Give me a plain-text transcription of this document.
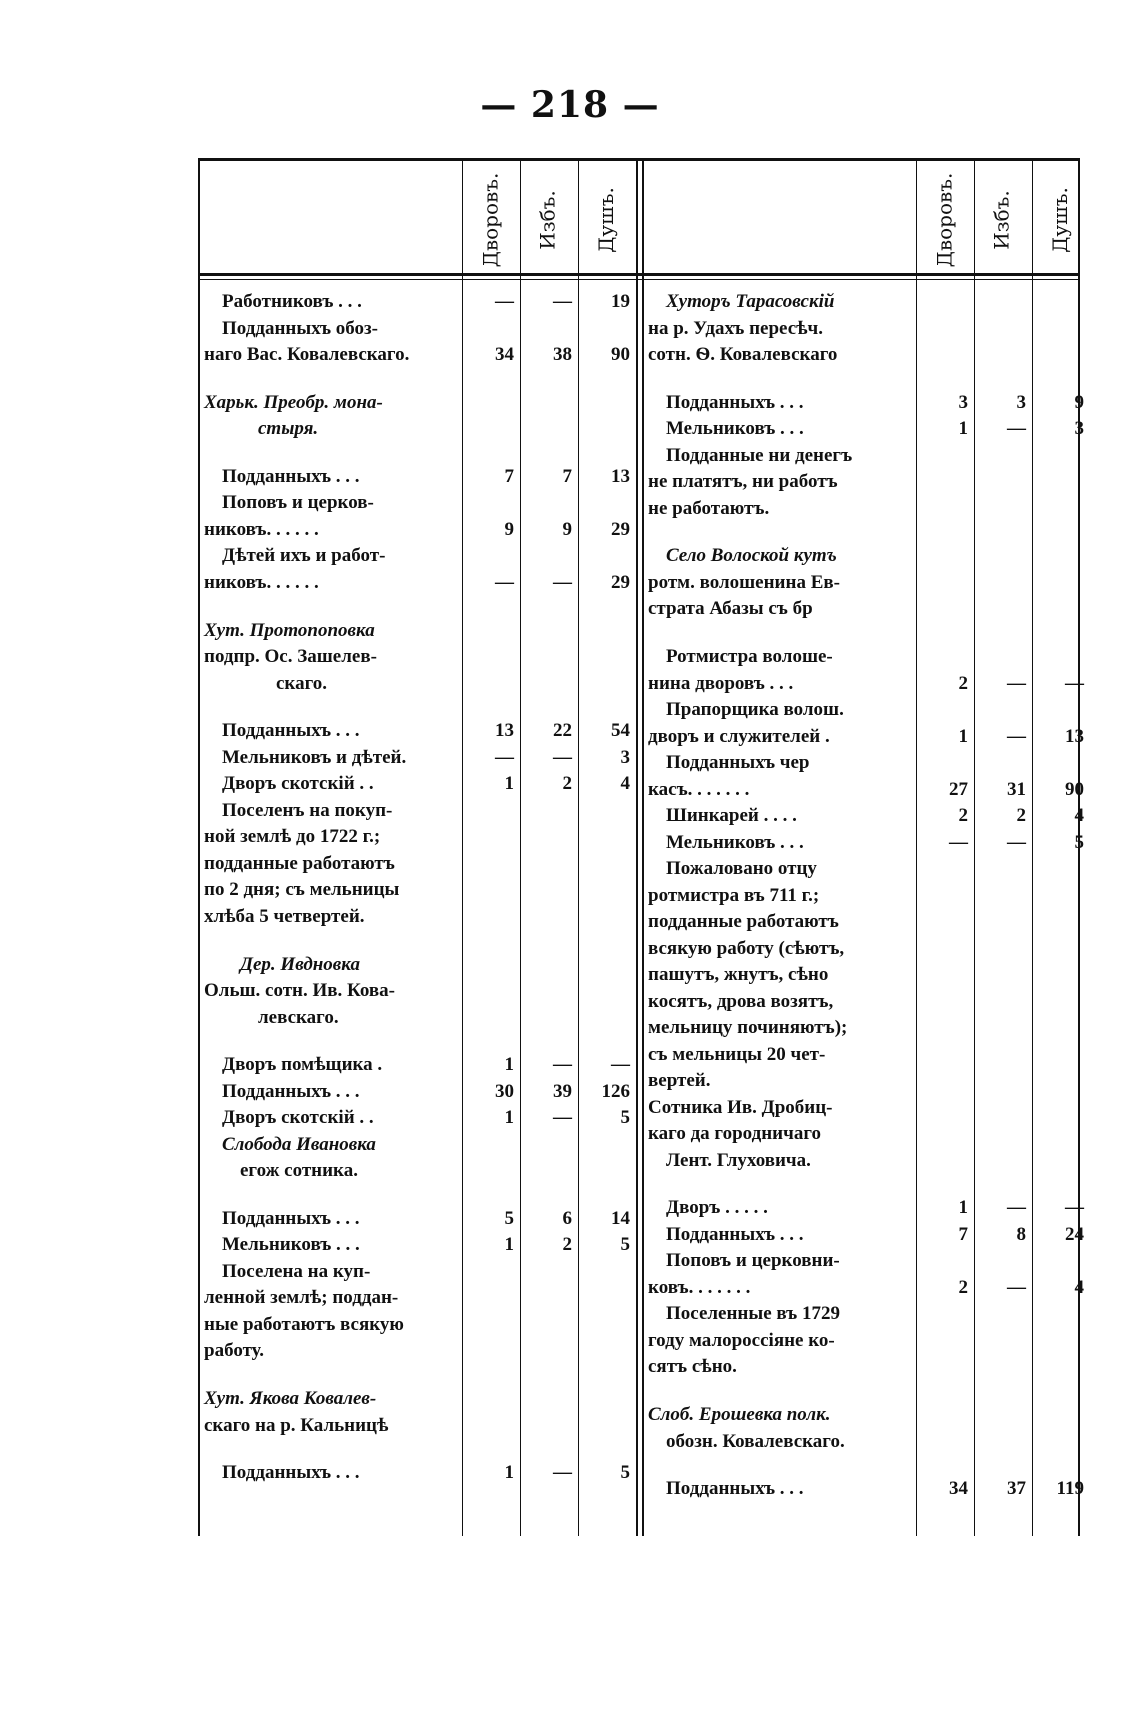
— 218 —
Дворовъ. Избъ. Душъ.	Дворовъ. Избъ. Душъ.
Работниковъ . . .	—	—	19
Подданныхъ обоз-
наго Вас. Ковалевскаго.	34	38	90
Харьк. Преобр. мона-
стыря.
Подданныхъ . . .	7	7	13
Поповъ и церков-
никовъ. . . . . .	9	9	29
Дѣтей ихъ и работ-
никовъ. . . . . .	—	—	29
Хут. Протопоповка
подпр. Ос. Зашелев-
скаго.
Подданныхъ . . .	13	22	54
Мельниковъ и дѣтей.	—	—	3
Дворъ скотскій . .	1	2	4
Поселенъ на покуп-
ной землѣ до 1722 г.;
подданные работаютъ
по 2 дня; съ мельницы
хлѣба 5 четвертей.
Дер. Ивдновка
Ольш. сотн. Ив. Кова-
левскаго.
Дворъ помѣщика .	1	—	—
Подданныхъ . . .	30	39	126
Дворъ скотскій . .	1	—	5
Слобода Ивановка
егож сотника.
Подданныхъ . . .	5	6	14
Мельниковъ . . .	1	2	5
Поселена на куп-
ленной землѣ; поддан-
ные работаютъ всякую
работу.
Хут. Якова Ковалев-
скаго на р. Кальницѣ
Подданныхъ . . .	1	—	5
Хуторъ Тарасовскій
на р. Удахъ пересѣч.
сотн. Ѳ. Ковалевскаго
Подданныхъ . . .	3	3	9
Мельниковъ . . .	1	—	3
Подданные ни денегъ
не платятъ, ни работъ
не работаютъ.
Село Волоской кутъ
ротм. волошенина Ев-
страта Абазы съ бр
Ротмистра волоше-
нина дворовъ . . .	2	—	—
Прапорщика волош.
дворъ и служителей .	1	—	13
Подданныхъ чер
касъ. . . . . . .	27	31	90
Шинкарей . . . .	2	2	4
Мельниковъ . . .	—	—	5
Пожаловано отцу
ротмистра въ 711 г.;
подданные работаютъ
всякую работу (сѣютъ,
пашутъ, жнутъ, сѣно
косятъ, дрова возятъ,
мельницу починяютъ);
съ мельницы 20 чет-
вертей.
Сотника Ив. Дробиц-
каго да городничаго
Лент. Глуховича.
Дворъ . . . . .	1	—	—
Подданныхъ . . .	7	8	24
Поповъ и церковни-
ковъ. . . . . . .	2	—	4
Поселенные въ 1729
году малороссіяне ко-
сятъ сѣно.
Слоб. Ерошевка полк.
обозн. Ковалевскаго.
Подданныхъ . . .	34	37	119
